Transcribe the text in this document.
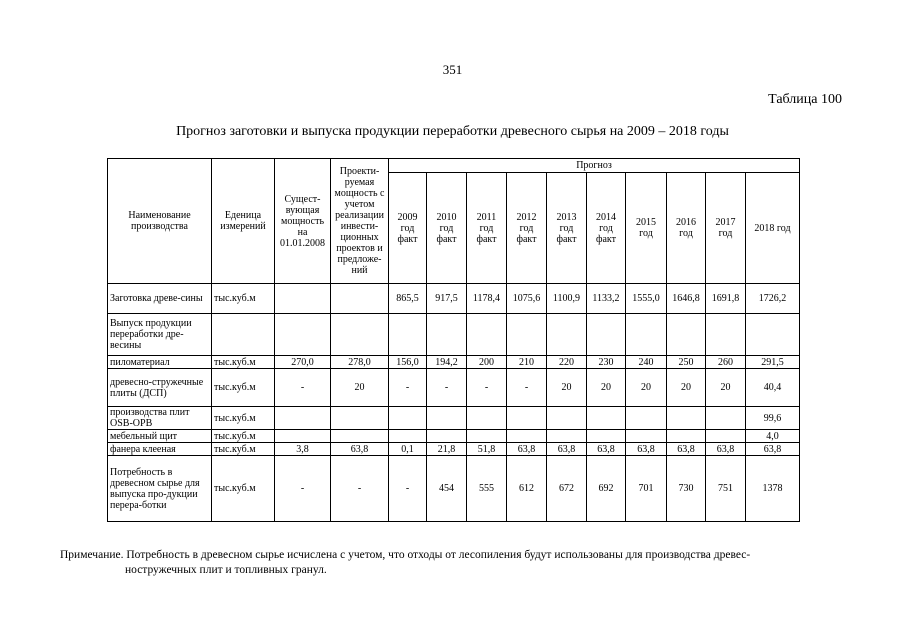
351
Таблица 100
Прогноз заготовки и выпуска продукции переработки древесного сырья на 2009 – 2018 годы
Наименование производства	Еденица измерений	Сущест-вующая мощность на 01.01.2008	Проекти-руемая мощность с учетом реализации инвести-ционных проектов и предложе-ний	Прогноз									
				2009 год факт	2010 год факт	2011 год факт	2012 год факт	2013 год факт	2014 год факт	2015 год	2016 год	2017 год	2018 год
Заготовка древе-сины	тыс.куб.м			865,5	917,5	1178,4	1075,6	1100,9	1133,2	1555,0	1646,8	1691,8	1726,2
Выпуск продукции переработки дре-весины													
пиломатериал	тыс.куб.м	270,0	278,0	156,0	194,2	200	210	220	230	240	250	260	291,5
древесно-стружечные плиты (ДСП)	тыс.куб.м	-	20	-	-	-	-	20	20	20	20	20	40,4
производства плит OSB-OPB	тыс.куб.м												99,6
мебельный щит	тыс.куб.м												4,0
фанера клееная	тыс.куб.м	3,8	63,8	0,1	21,8	51,8	63,8	63,8	63,8	63,8	63,8	63,8	63,8
Потребность в древесном сырье для выпуска про-дукции перера-ботки	тыс.куб.м	-	-	-	454	555	612	672	692	701	730	751	1378
Примечание. Потребность в древесном сырье исчислена с учетом, что отходы от лесопиления будут использованы для производства древес-
ностружечных плит и топливных гранул.
